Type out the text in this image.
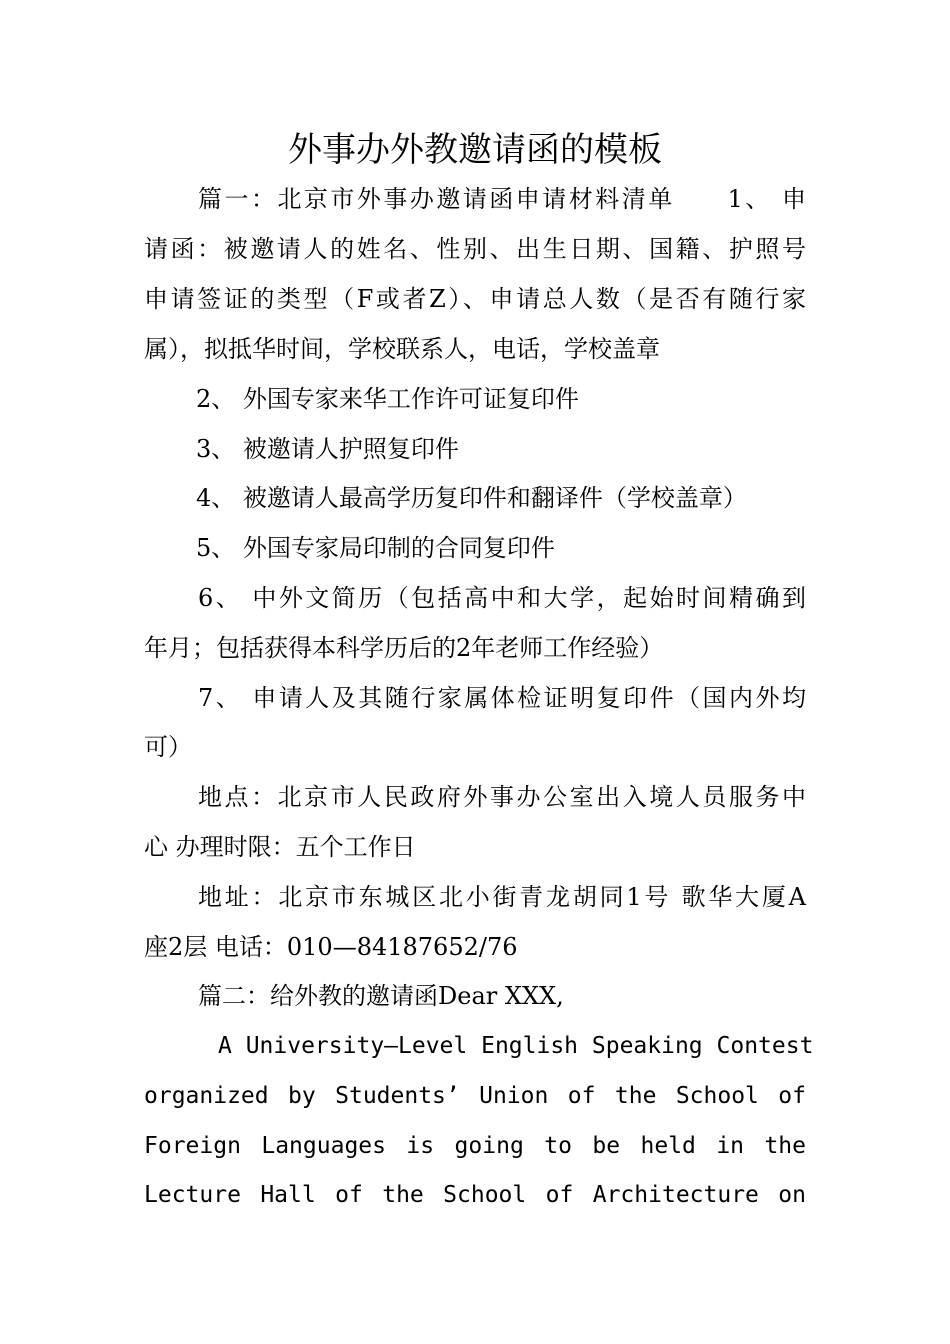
外事办外教邀请函的模板

篇一：北京市外事办邀请函申请材料清单　　1、 申

请函：被邀请人的姓名、性别、出生日期、国籍、护照号

申请签证的类型（F或者Z）、申请总人数（是否有随行家

属），拟抵华时间，学校联系人，电话，学校盖章

2、 外国专家来华工作许可证复印件

3、 被邀请人护照复印件

4、 被邀请人最高学历复印件和翻译件（学校盖章）

5、 外国专家局印制的合同复印件

6、 中外文简历（包括高中和大学，起始时间精确到

年月；包括获得本科学历后的2年老师工作经验）

7、 申请人及其随行家属体检证明复印件（国内外均

可）

地点：北京市人民政府外事办公室出入境人员服务中

心 办理时限：五个工作日

地址：北京市东城区北小街青龙胡同1号 歌华大厦A

座2层 电话：010—84187652/76

篇二：给外教的邀请函Dear XXX,

A University—Level English Speaking Contest

organized by Students’ Union of the School of

Foreign Languages is going to be held in the

Lecture Hall of the School of Architecture on
